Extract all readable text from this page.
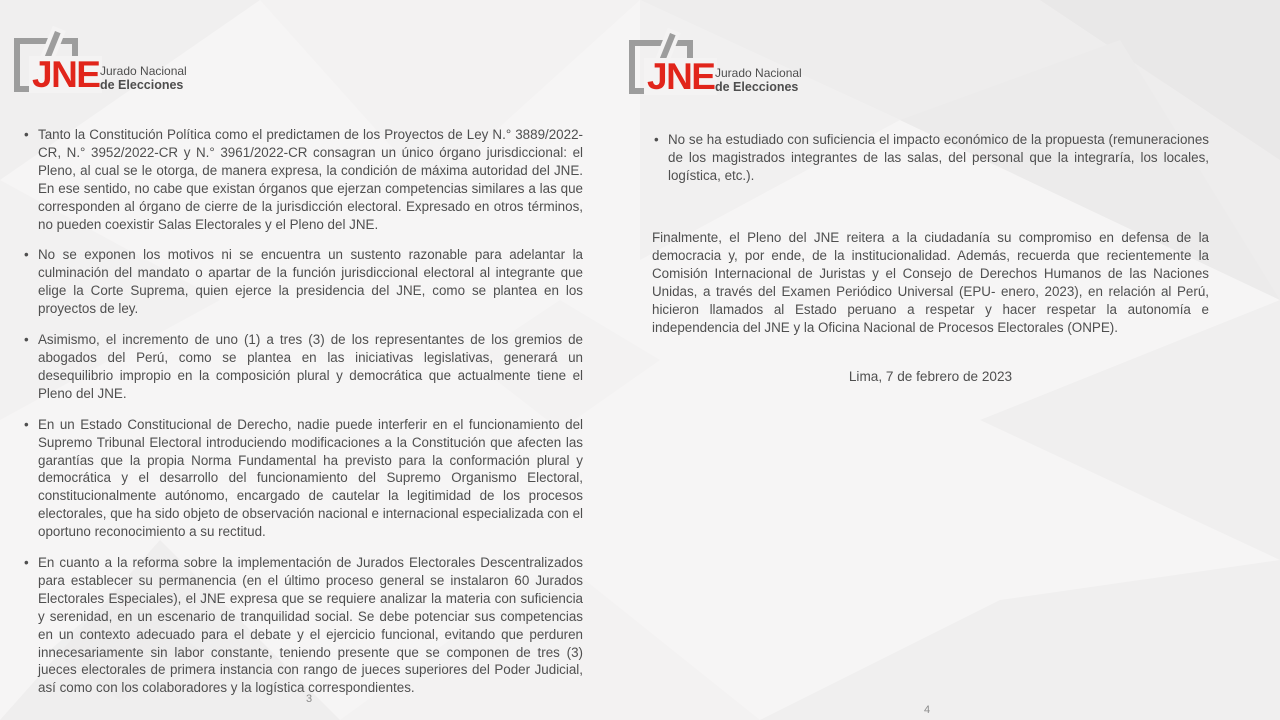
JNE Jurado Nacional
de Elecciones
• Tanto la Constitución Política como el predictamen de los Proyectos de Ley N.° 3889/2022-CR, N.° 3952/2022-CR y N.° 3961/2022-CR consagran un único órgano jurisdiccional: el Pleno, al cual se le otorga, de manera expresa, la condición de máxima autoridad del JNE. En ese sentido, no cabe que existan órganos que ejerzan competencias similares a las que corresponden al órgano de cierre de la jurisdicción electoral. Expresado en otros términos, no pueden coexistir Salas Electorales y el Pleno del JNE.
• No se exponen los motivos ni se encuentra un sustento razonable para adelantar la culminación del mandato o apartar de la función jurisdiccional electoral al integrante que elige la Corte Suprema, quien ejerce la presidencia del JNE, como se plantea en los proyectos de ley.
• Asimismo, el incremento de uno (1) a tres (3) de los representantes de los gremios de abogados del Perú, como se plantea en las iniciativas legislativas, generará un desequilibrio impropio en la composición plural y democrática que actualmente tiene el Pleno del JNE.
• En un Estado Constitucional de Derecho, nadie puede interferir en el funcionamiento del Supremo Tribunal Electoral introduciendo modificaciones a la Constitución que afecten las garantías que la propia Norma Fundamental ha previsto para la conformación plural y democrática y el desarrollo del funcionamiento del Supremo Organismo Electoral, constitucionalmente autónomo, encargado de cautelar la legitimidad de los procesos electorales, que ha sido objeto de observación nacional e internacional especializada con el oportuno reconocimiento a su rectitud.
• En cuanto a la reforma sobre la implementación de Jurados Electorales Descentralizados para establecer su permanencia (en el último proceso general se instalaron 60 Jurados Electorales Especiales), el JNE expresa que se requiere analizar la materia con suficiencia y serenidad, en un escenario de tranquilidad social. Se debe potenciar sus competencias en un contexto adecuado para el debate y el ejercicio funcional, evitando que perduren innecesariamente sin labor constante, teniendo presente que se componen de tres (3) jueces electorales de primera instancia con rango de jueces superiores del Poder Judicial, así como con los colaboradores y la logística correspondientes.
3
JNE Jurado Nacional
de Elecciones
• No se ha estudiado con suficiencia el impacto económico de la propuesta (remuneraciones de los magistrados integrantes de las salas, del personal que la integraría, los locales, logística, etc.).

Finalmente, el Pleno del JNE reitera a la ciudadanía su compromiso en defensa de la democracia y, por ende, de la institucionalidad. Además, recuerda que recientemente la Comisión Internacional de Juristas y el Consejo de Derechos Humanos de las Naciones Unidas, a través del Examen Periódico Universal (EPU- enero, 2023), en relación al Perú, hicieron llamados al Estado peruano a respetar y hacer respetar la autonomía e independencia del JNE y la Oficina Nacional de Procesos Electorales (ONPE).

Lima, 7 de febrero de 2023
4
